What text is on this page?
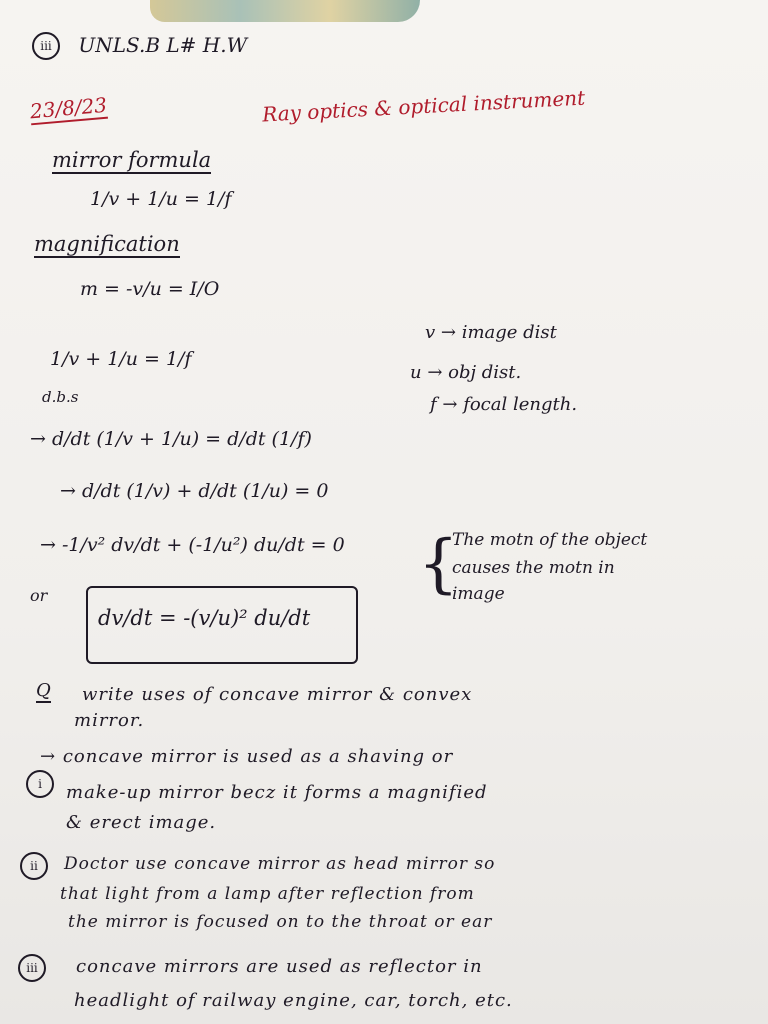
iii UNLS.B L# H.W
23/8/23	Ray optics & optical instrument
mirror formula
1/v + 1/u = 1/f
magnification
m = -v/u = I/O
1/v + 1/u = 1/f
d.b.s
v → image dist
u → obj dist.
f → focal length.
→ d/dt (1/v + 1/u) = d/dt (1/f)
→ d/dt (1/v) + d/dt (1/u) = 0
→ -1/v² dv/dt + (-1/u²) du/dt = 0 {
The motn of the object
causes the motn in
image
or
dv/dt = -(v/u)² du/dt
Q write uses of concave mirror & convex
mirror.
→ concave mirror is used as a shaving or
i	make-up mirror becz it forms a magnified
& erect image.
ii	Doctor use concave mirror as head mirror so
that light from a lamp after reflection from
the mirror is focused on to the throat or ear
iii	concave mirrors are used as reflector in
headlight of railway engine, car, torch, etc.
